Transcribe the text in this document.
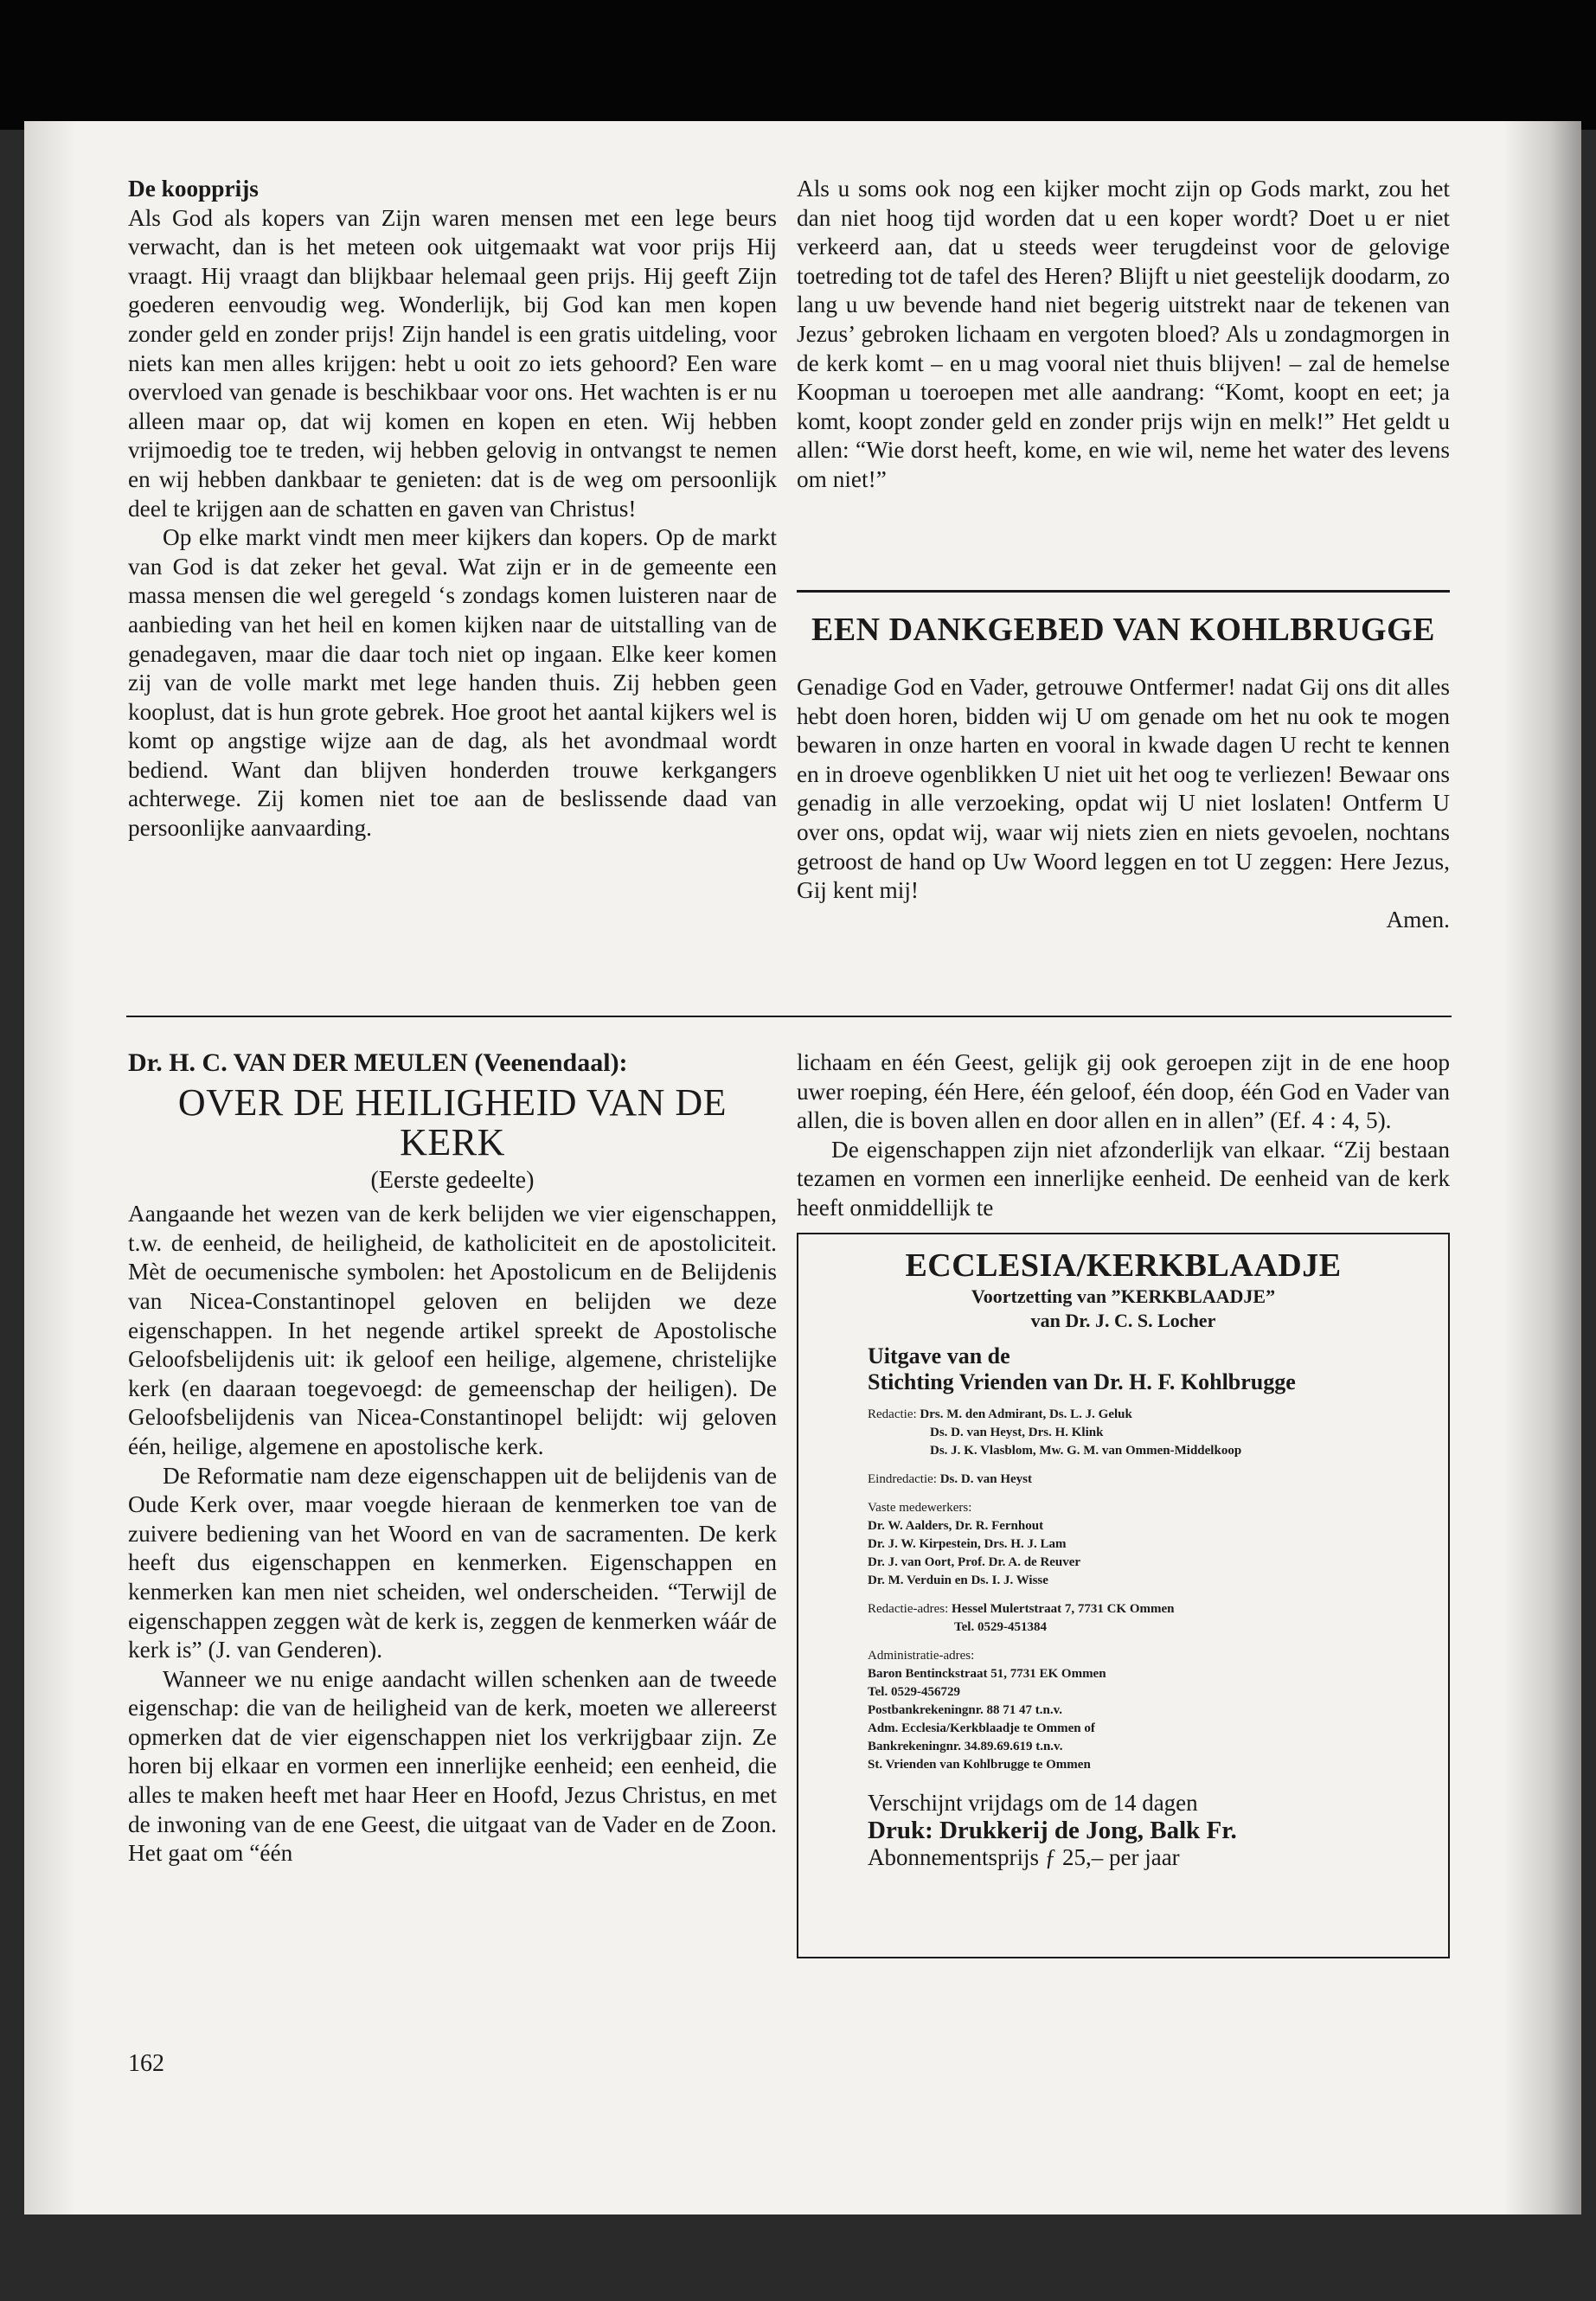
De koopprijs

Als God als kopers van Zijn waren mensen met een lege beurs verwacht, dan is het meteen ook uitgemaakt wat voor prijs Hij vraagt. Hij vraagt dan blijkbaar helemaal geen prijs. Hij geeft Zijn goederen eenvoudig weg. Wonderlijk, bij God kan men kopen zonder geld en zonder prijs! Zijn handel is een gratis uitdeling, voor niets kan men alles krijgen: hebt u ooit zo iets gehoord? Een ware overvloed van genade is beschikbaar voor ons. Het wachten is er nu alleen maar op, dat wij komen en kopen en eten. Wij hebben vrijmoedig toe te treden, wij hebben gelovig in ontvangst te nemen en wij hebben dankbaar te genieten: dat is de weg om persoonlijk deel te krijgen aan de schatten en gaven van Christus!

Op elke markt vindt men meer kijkers dan kopers. Op de markt van God is dat zeker het geval. Wat zijn er in de gemeente een massa mensen die wel geregeld ‘s zondags komen luisteren naar de aanbieding van het heil en komen kijken naar de uitstalling van de genadegaven, maar die daar toch niet op ingaan. Elke keer komen zij van de volle markt met lege handen thuis. Zij hebben geen kooplust, dat is hun grote gebrek. Hoe groot het aantal kijkers wel is komt op angstige wijze aan de dag, als het avondmaal wordt bediend. Want dan blijven honderden trouwe kerkgangers achterwege. Zij komen niet toe aan de beslissende daad van persoonlijke aanvaarding.

Als u soms ook nog een kijker mocht zijn op Gods markt, zou het dan niet hoog tijd worden dat u een koper wordt? Doet u er niet verkeerd aan, dat u steeds weer terugdeinst voor de gelovige toetreding tot de tafel des Heren? Blijft u niet geestelijk doodarm, zo lang u uw bevende hand niet begerig uitstrekt naar de tekenen van Jezus’ gebroken lichaam en vergoten bloed? Als u zondagmorgen in de kerk komt – en u mag vooral niet thuis blijven! – zal de hemelse Koopman u toeroepen met alle aandrang: “Komt, koopt en eet; ja komt, koopt zonder geld en zonder prijs wijn en melk!” Het geldt u allen: “Wie dorst heeft, kome, en wie wil, neme het water des levens om niet!”

EEN DANKGEBED VAN KOHLBRUGGE

Genadige God en Vader, getrouwe Ontfermer! nadat Gij ons dit alles hebt doen horen, bidden wij U om genade om het nu ook te mogen bewaren in onze harten en vooral in kwade dagen U recht te kennen en in droeve ogenblikken U niet uit het oog te verliezen! Bewaar ons genadig in alle verzoeking, opdat wij U niet loslaten! Ontferm U over ons, opdat wij, waar wij niets zien en niets gevoelen, nochtans getroost de hand op Uw Woord leggen en tot U zeggen: Here Jezus, Gij kent mij!

Amen.

Dr. H. C. VAN DER MEULEN (Veenendaal):

OVER DE HEILIGHEID VAN DE KERK

(Eerste gedeelte)

Aangaande het wezen van de kerk belijden we vier eigenschappen, t.w. de eenheid, de heiligheid, de katholiciteit en de apostoliciteit. Mèt de oecumenische symbolen: het Apostolicum en de Belijdenis van Nicea-Constantinopel geloven en belijden we deze eigenschappen. In het negende artikel spreekt de Apostolische Geloofsbelijdenis uit: ik geloof een heilige, algemene, christelijke kerk (en daaraan toegevoegd: de gemeenschap der heiligen). De Geloofsbelijdenis van Nicea-Constantinopel belijdt: wij geloven één, heilige, algemene en apostolische kerk.

De Reformatie nam deze eigenschappen uit de belijdenis van de Oude Kerk over, maar voegde hieraan de kenmerken toe van de zuivere bediening van het Woord en van de sacramenten. De kerk heeft dus eigenschappen en kenmerken. Eigenschappen en kenmerken kan men niet scheiden, wel onderscheiden. “Terwijl de eigenschappen zeggen wàt de kerk is, zeggen de kenmerken wáár de kerk is” (J. van Genderen).

Wanneer we nu enige aandacht willen schenken aan de tweede eigenschap: die van de heiligheid van de kerk, moeten we allereerst opmerken dat de vier eigenschappen niet los verkrijgbaar zijn. Ze horen bij elkaar en vormen een innerlijke eenheid; een eenheid, die alles te maken heeft met haar Heer en Hoofd, Jezus Christus, en met de inwoning van de ene Geest, die uitgaat van de Vader en de Zoon. Het gaat om “één

lichaam en één Geest, gelijk gij ook geroepen zijt in de ene hoop uwer roeping, één Here, één geloof, één doop, één God en Vader van allen, die is boven allen en door allen en in allen” (Ef. 4 : 4, 5).

De eigenschappen zijn niet afzonderlijk van elkaar. “Zij bestaan tezamen en vormen een innerlijke eenheid. De eenheid van de kerk heeft onmiddellijk te

ECCLESIA/KERKBLAADJE
Voortzetting van ”KERKBLAADJE”
van Dr. J. C. S. Locher
Uitgave van de
Stichting Vrienden van Dr. H. F. Kohlbrugge
Redactie: Drs. M. den Admirant, Ds. L. J. Geluk
Ds. D. van Heyst, Drs. H. Klink
Ds. J. K. Vlasblom, Mw. G. M. van Ommen-Middelkoop
Eindredactie: Ds. D. van Heyst
Vaste medewerkers:
Dr. W. Aalders, Dr. R. Fernhout
Dr. J. W. Kirpestein, Drs. H. J. Lam
Dr. J. van Oort, Prof. Dr. A. de Reuver
Dr. M. Verduin en Ds. I. J. Wisse
Redactie-adres: Hessel Mulertstraat 7, 7731 CK Ommen
Tel. 0529-451384
Administratie-adres:
Baron Bentinckstraat 51, 7731 EK Ommen
Tel. 0529-456729
Postbankrekeningnr. 88 71 47 t.n.v.
Adm. Ecclesia/Kerkblaadje te Ommen of
Bankrekeningnr. 34.89.69.619 t.n.v.
St. Vrienden van Kohlbrugge te Ommen
Verschijnt vrijdags om de 14 dagen
Druk: Drukkerij de Jong, Balk Fr.
Abonnementsprijs ƒ 25,– per jaar
162
